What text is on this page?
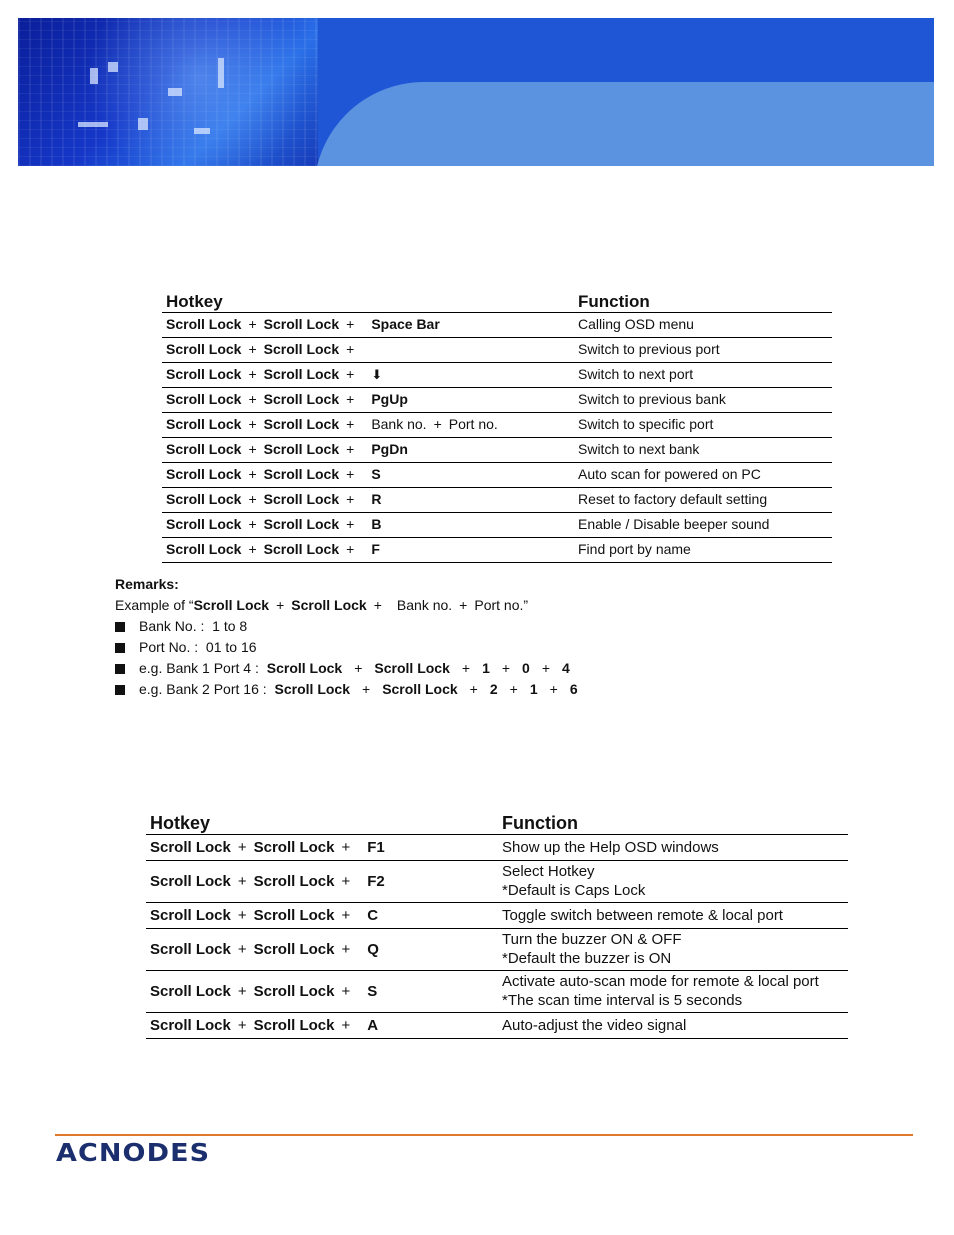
Hotkey	Function
Scroll Lock + Scroll Lock + Space Bar	Calling OSD menu
Scroll Lock + Scroll Lock +	Switch to previous port
Scroll Lock + Scroll Lock + ⬇	Switch to next port
Scroll Lock + Scroll Lock + PgUp	Switch to previous bank
Scroll Lock + Scroll Lock + Bank no. + Port no.	Switch to specific port
Scroll Lock + Scroll Lock + PgDn	Switch to next bank
Scroll Lock + Scroll Lock + S	Auto scan for powered on PC
Scroll Lock + Scroll Lock + R	Reset to factory default setting
Scroll Lock + Scroll Lock + B	Enable / Disable beeper sound
Scroll Lock + Scroll Lock + F	Find port by name
Remarks:
Example of “Scroll Lock + Scroll Lock + Bank no. + Port no.”
Bank No. : 1 to 8
Port No. : 01 to 16
e.g. Bank 1 Port 4 : Scroll Lock + Scroll Lock + 1 + 0 + 4
e.g. Bank 2 Port 16 : Scroll Lock + Scroll Lock + 2 + 1 + 6
Hotkey	Function
Scroll Lock + Scroll Lock + F1	Show up the Help OSD windows

Scroll Lock + Scroll Lock + F2	Select Hotkey
*Default is Caps Lock

Scroll Lock + Scroll Lock + C	Toggle switch between remote & local port

Scroll Lock + Scroll Lock + Q	Turn the buzzer ON & OFF
*Default the buzzer is ON

Scroll Lock + Scroll Lock + S	Activate auto-scan mode for remote & local port
*The scan time interval is 5 seconds

Scroll Lock + Scroll Lock + A	Auto-adjust the video signal
ACNODES
